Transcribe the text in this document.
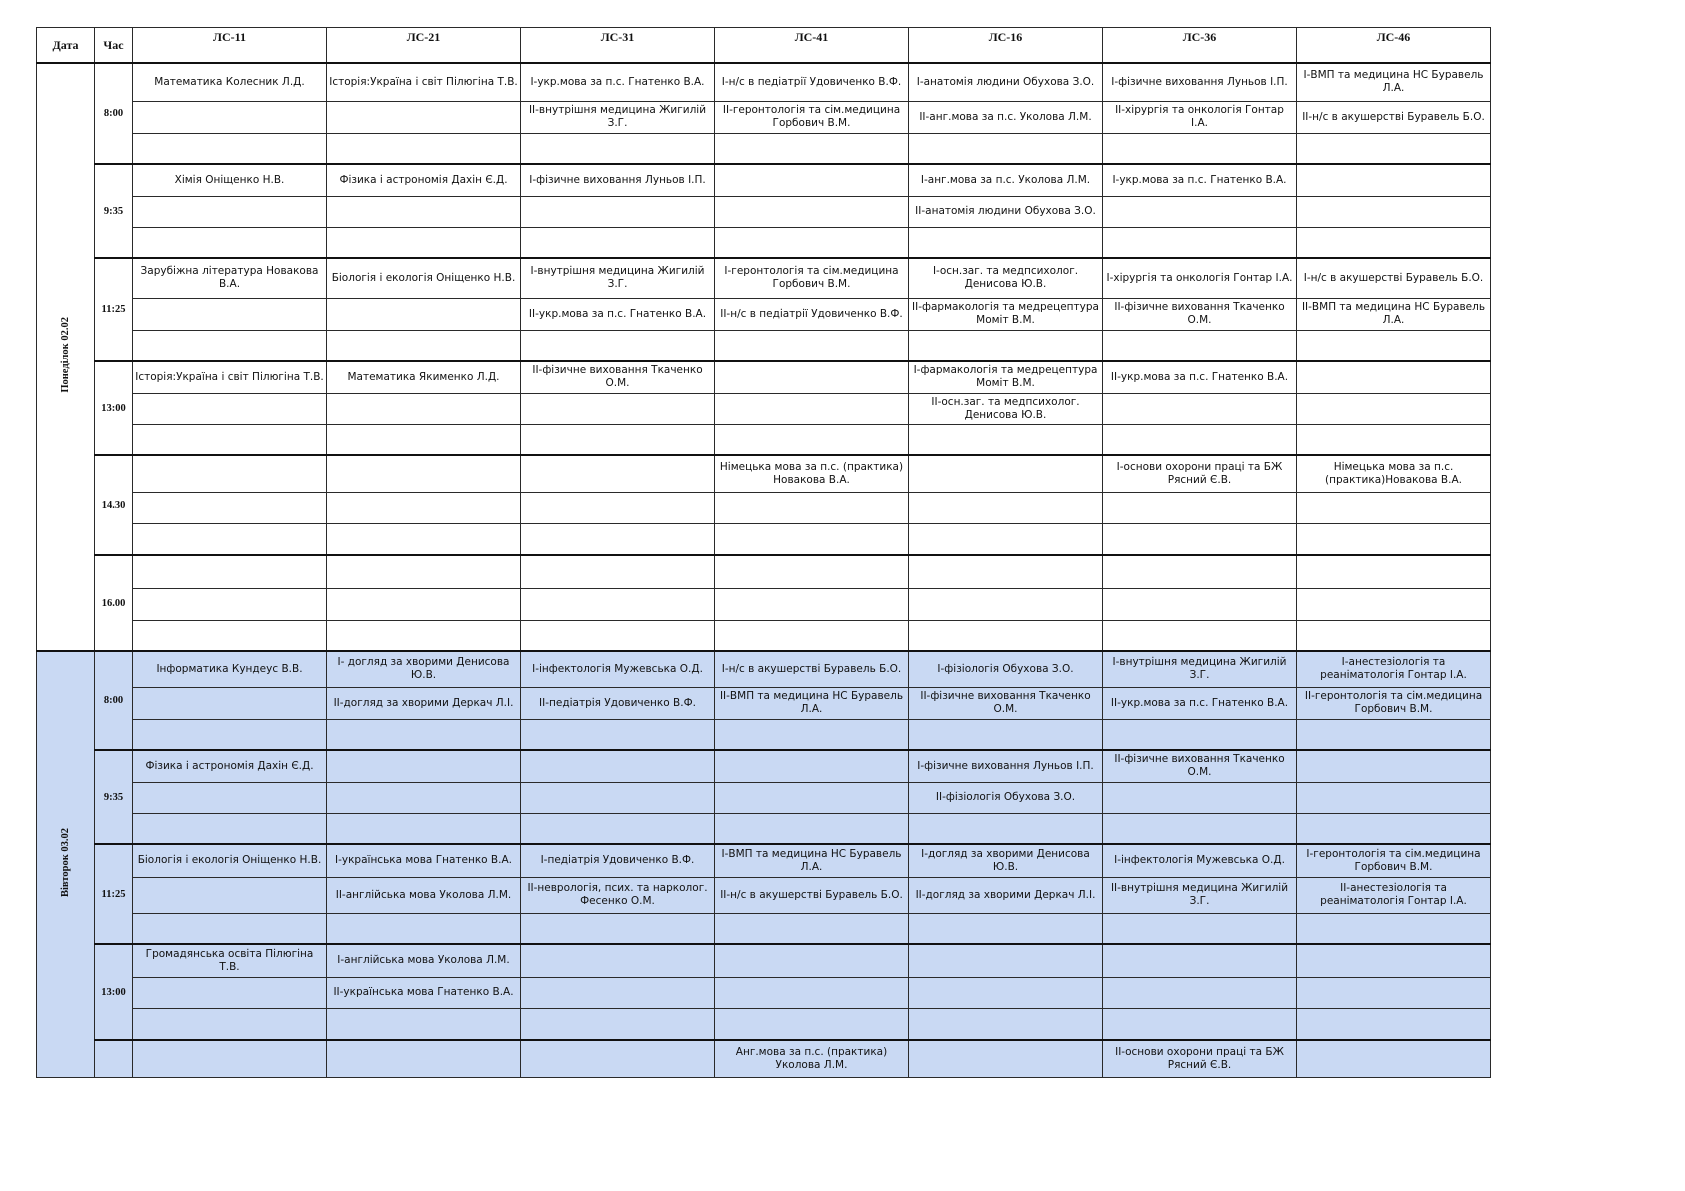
Дата	Час	ЛС-11	ЛС-21	ЛС-31	ЛС-41	ЛС-16	ЛС-36	ЛС-46
Понеділок 02.02	8:00	Математика Колесник Л.Д.	Історія:Україна і світ Пілюгіна Т.В.	І-укр.мова за п.с. Гнатенко В.А.	І-н/с в педіатрії Удовиченко В.Ф.	І-анатомія людини Обухова З.О.	І-фізичне виховання Луньов І.П.	І-ВМП та медицина НС Буравель Л.А.
				ІІ-внутрішня медицина Жигилій З.Г.	ІІ-геронтологія та сім.медицина Горбович В.М.	ІІ-анг.мова за п.с. Уколова Л.М.	ІІ-хірургія та онкологія Гонтар І.А.	ІІ-н/с в акушерстві Буравель Б.О.

	9:35	Хімія Оніщенко Н.В.	Фізика і астрономія Дахін Є.Д.	І-фізичне виховання Луньов І.П.		І-анг.мова за п.с. Уколова Л.М.	І-укр.мова за п.с. Гнатенко В.А.	
						ІІ-анатомія людини Обухова З.О.		

	11:25	Зарубіжна література Новакова В.А.	Біологія і екологія Оніщенко Н.В.	І-внутрішня медицина Жигилій З.Г.	І-геронтологія та сім.медицина Горбович В.М.	І-осн.заг. та медпсихолог. Денисова Ю.В.	І-хірургія та онкологія Гонтар І.А.	І-н/с в акушерстві Буравель Б.О.
				ІІ-укр.мова за п.с. Гнатенко В.А.	ІІ-н/с в педіатрії Удовиченко В.Ф.	ІІ-фармакологія та медрецептура Моміт В.М.	ІІ-фізичне виховання Ткаченко О.М.	ІІ-ВМП та медицина НС Буравель Л.А.

	13:00	Історія:Україна і світ Пілюгіна Т.В.	Математика Якименко Л.Д.	ІІ-фізичне виховання Ткаченко О.М.		І-фармакологія та медрецептура Моміт В.М.	ІІ-укр.мова за п.с. Гнатенко В.А.	
						ІІ-осн.заг. та медпсихолог. Денисова Ю.В.		

	14.30				Німецька мова за п.с. (практика) Новакова В.А.		І-основи охорони праці та БЖ Рясний Є.В.	Німецька мова за п.с. (практика)Новакова В.А.

	16.00							

Вівторок 03.02	8:00	Інформатика Кундеус В.В.	І- догляд за хворими Денисова Ю.В.	І-інфектологія Мужевська О.Д.	І-н/с в акушерстві Буравель Б.О.	І-фізіологія Обухова З.О.	І-внутрішня медицина Жигилій З.Г.	І-анестезіологія та реаніматологія Гонтар І.А.
			ІІ-догляд за хворими Деркач Л.І.	ІІ-педіатрія Удовиченко В.Ф.	ІІ-ВМП та медицина НС Буравель Л.А.	ІІ-фізичне виховання Ткаченко О.М.	ІІ-укр.мова за п.с. Гнатенко В.А.	ІІ-геронтологія та сім.медицина Горбович В.М.

	9:35	Фізика і астрономія Дахін Є.Д.				І-фізичне виховання Луньов І.П.	ІІ-фізичне виховання Ткаченко О.М.	
						ІІ-фізіологія Обухова З.О.		

	11:25	Біологія і екологія Оніщенко Н.В.	І-українська мова Гнатенко В.А.	І-педіатрія Удовиченко В.Ф.	І-ВМП та медицина НС Буравель Л.А.	І-догляд за хворими Денисова Ю.В.	І-інфектологія Мужевська О.Д.	І-геронтологія та сім.медицина Горбович В.М.
			ІІ-англійська мова Уколова Л.М.	ІІ-неврологія, псих. та нарколог. Фесенко О.М.	ІІ-н/с в акушерстві Буравель Б.О.	ІІ-догляд за хворими Деркач Л.І.	ІІ-внутрішня медицина Жигилій З.Г.	ІІ-анестезіологія та реаніматологія Гонтар І.А.

	13:00	Громадянська освіта Пілюгіна Т.В.	І-англійська мова Уколова Л.М.					
			ІІ-українська мова Гнатенко В.А.					

					Анг.мова за п.с. (практика) Уколова Л.М.		ІІ-основи охорони праці та БЖ Рясний Є.В.	
